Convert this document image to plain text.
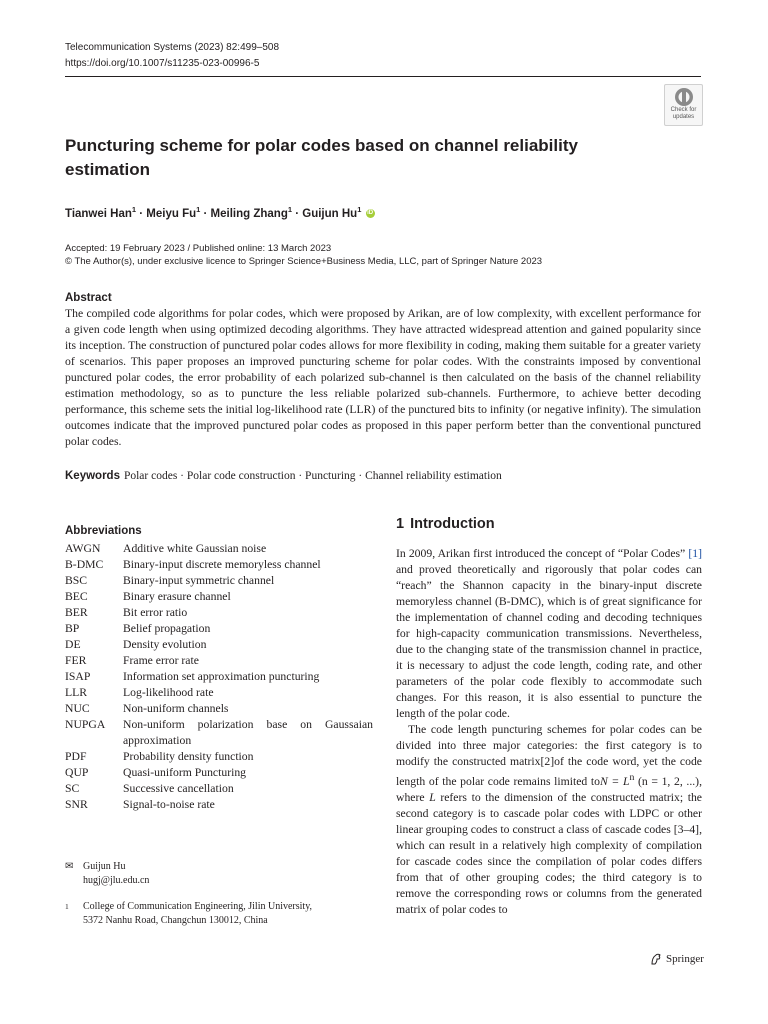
Telecommunication Systems (2023) 82:499–508
https://doi.org/10.1007/s11235-023-00996-5
Check for
updates
Puncturing scheme for polar codes based on channel reliability estimation
Tianwei Han$^1$ · Meiyu $Fu^1$ · Meiling Zhang$^1$ · Guijun Hu$^1$ iD
Accepted: 19 February 2023 / Published online: 13 March 2023
© The Author(s), under exclusive licence to Springer Science+Business Media, LLC, part of Springer Nature 2023
Abstract

The compiled code algorithms for polar codes, which were proposed by Arikan, are of low complexity, with excellent performance for a given code length when using optimized decoding algorithms. They have attracted widespread attention and gained popularity since its inception. The construction of punctured polar codes allows for more flexibility in coding, making them suitable for a greater variety of scenarios. This paper proposes an improved puncturing scheme for polar codes. With the constraints imposed by conventional punctured polar codes, the error probability of each polarized sub-channel is then calculated on the basis of the channel reliability estimation methodology, so as to puncture the less reliable polarized sub-channels. Furthermore, to achieve better decoding performance, this scheme sets the initial log-likelihood rate (LLR) of the punctured bits to infinity (or negative infinity). The simulation outcomes indicate that the improved punctured polar codes as proposed in this paper perform better than the conventional punctured polar codes.

Keywords Polar codes · Polar code construction · Puncturing · Channel reliability estimation
Abbreviations
AWGN	Additive white Gaussian noise
B-DMC	Binary-input discrete memoryless channel
BSC	Binary-input symmetric channel
BEC	Binary erasure channel
BER	Bit error ratio
BP	Belief propagation
DE	Density evolution
FER	Frame error rate
ISAP	Information set approximation puncturing
LLR	Log-likelihood rate
NUC	Non-uniform channels
NUPGA	Non-uniform polarization base on Gaussaian approximation
PDF	Probability density function
QUP	Quasi-uniform Puncturing
SC	Successive cancellation
SNR	Signal-to-noise rate
✉ Guijun Hu
hugj@jlu.edu.cn
1	College of Communication Engineering, Jilin University,
5372 Nanhu Road, Changchun 130012, China
1 Introduction

In 2009, Arikan first introduced the concept of “Polar Codes” [1] and proved theoretically and rigorously that polar codes can “reach” the Shannon capacity in the binary-input discrete memoryless channel (B-DMC), which is of great significance for the implementation of channel coding and decoding techniques for high-capacity communication transmissions. Nevertheless, due to the changing state of the transmission channel in practice, it is necessary to adjust the code length, coding rate, and other parameters of the polar code flexibly to accommodate such changes. For this reason, it is also essential to puncture the length of the polar code.

The code length puncturing schemes for polar codes can be divided into three major categories: the first category is to modify the constructed matrix[2]of the code word, yet the code length of the polar code remains limited toN = $L^n$ (n = 1, 2, ...), where L refers to the dimension of the constructed matrix; the second category is to cascade polar codes with LDPC or other linear grouping codes to construct a class of cascade codes [3–4], which can result in a relatively high complexity of compilation for cascade codes since the compilation of polar codes differs from that of other grouping codes; the third category is to remove the corresponding rows or columns from the generated matrix of polar codes to

Springer
